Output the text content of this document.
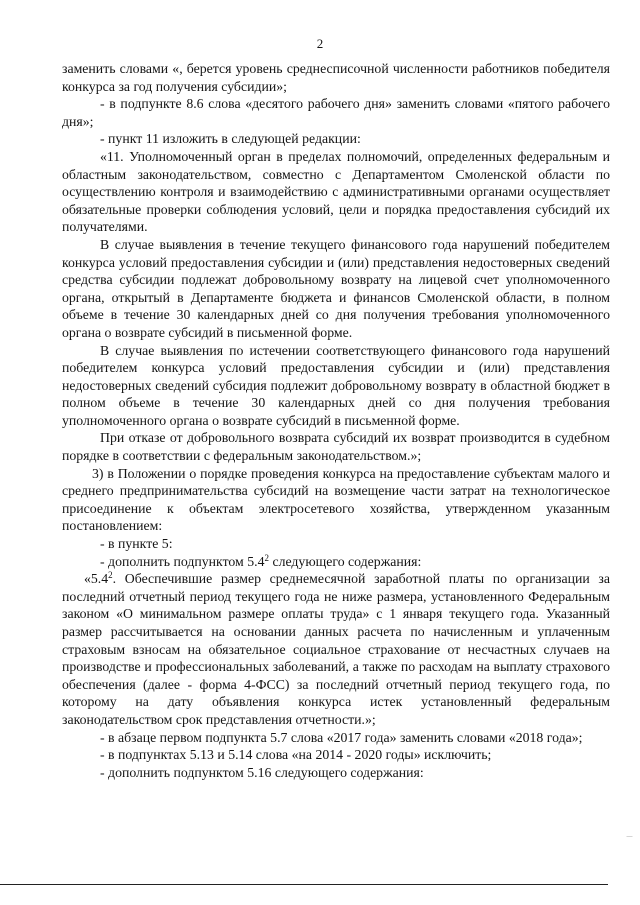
2

заменить словами «, берется уровень среднесписочной численности работников победителя конкурса за год получения субсидии»;

- в подпункте 8.6 слова «десятого рабочего дня» заменить словами «пятого рабочего дня»;

- пункт 11 изложить в следующей редакции:

«11. Уполномоченный орган в пределах полномочий, определенных федеральным и областным законодательством, совместно с Департаментом Смоленской области по осуществлению контроля и взаимодействию с административными органами осуществляет обязательные проверки соблюдения условий, цели и порядка предоставления субсидий их получателями.

В случае выявления в течение текущего финансового года нарушений победителем конкурса условий предоставления субсидии и (или) представления недостоверных сведений средства субсидии подлежат добровольному возврату на лицевой счет уполномоченного органа, открытый в Департаменте бюджета и финансов Смоленской области, в полном объеме в течение 30 календарных дней со дня получения требования уполномоченного органа о возврате субсидий в письменной форме.

В случае выявления по истечении соответствующего финансового года нарушений победителем конкурса условий предоставления субсидии и (или) представления недостоверных сведений субсидия подлежит добровольному возврату в областной бюджет в полном объеме в течение 30 календарных дней со дня получения требования уполномоченного органа о возврате субсидий в письменной форме.

При отказе от добровольного возврата субсидий их возврат производится в судебном порядке в соответствии с федеральным законодательством.»;

3) в Положении о порядке проведения конкурса на предоставление субъектам малого и среднего предпринимательства субсидий на возмещение части затрат на технологическое присоединение к объектам электросетевого хозяйства, утвержденном указанным постановлением:

- в пункте 5:

- дополнить подпунктом $5.4^2$ следующего содержания:

«$5.4^2$. Обеспечившие размер среднемесячной заработной платы по организации за последний отчетный период текущего года не ниже размера, установленного Федеральным законом «О минимальном размере оплаты труда» с 1 января текущего года. Указанный размер рассчитывается на основании данных расчета по начисленным и уплаченным страховым взносам на обязательное социальное страхование от несчастных случаев на производстве и профессиональных заболеваний, а также по расходам на выплату страхового обеспечения (далее - форма 4-ФСС) за последний отчетный период текущего года, по которому на дату объявления конкурса истек установленный федеральным законодательством срок представления отчетности.»;

- в абзаце первом подпункта 5.7 слова «2017 года» заменить словами «2018 года»;

- в подпунктах 5.13 и 5.14 слова «на 2014 - 2020 годы» исключить;

- дополнить подпунктом 5.16 следующего содержания:

|
